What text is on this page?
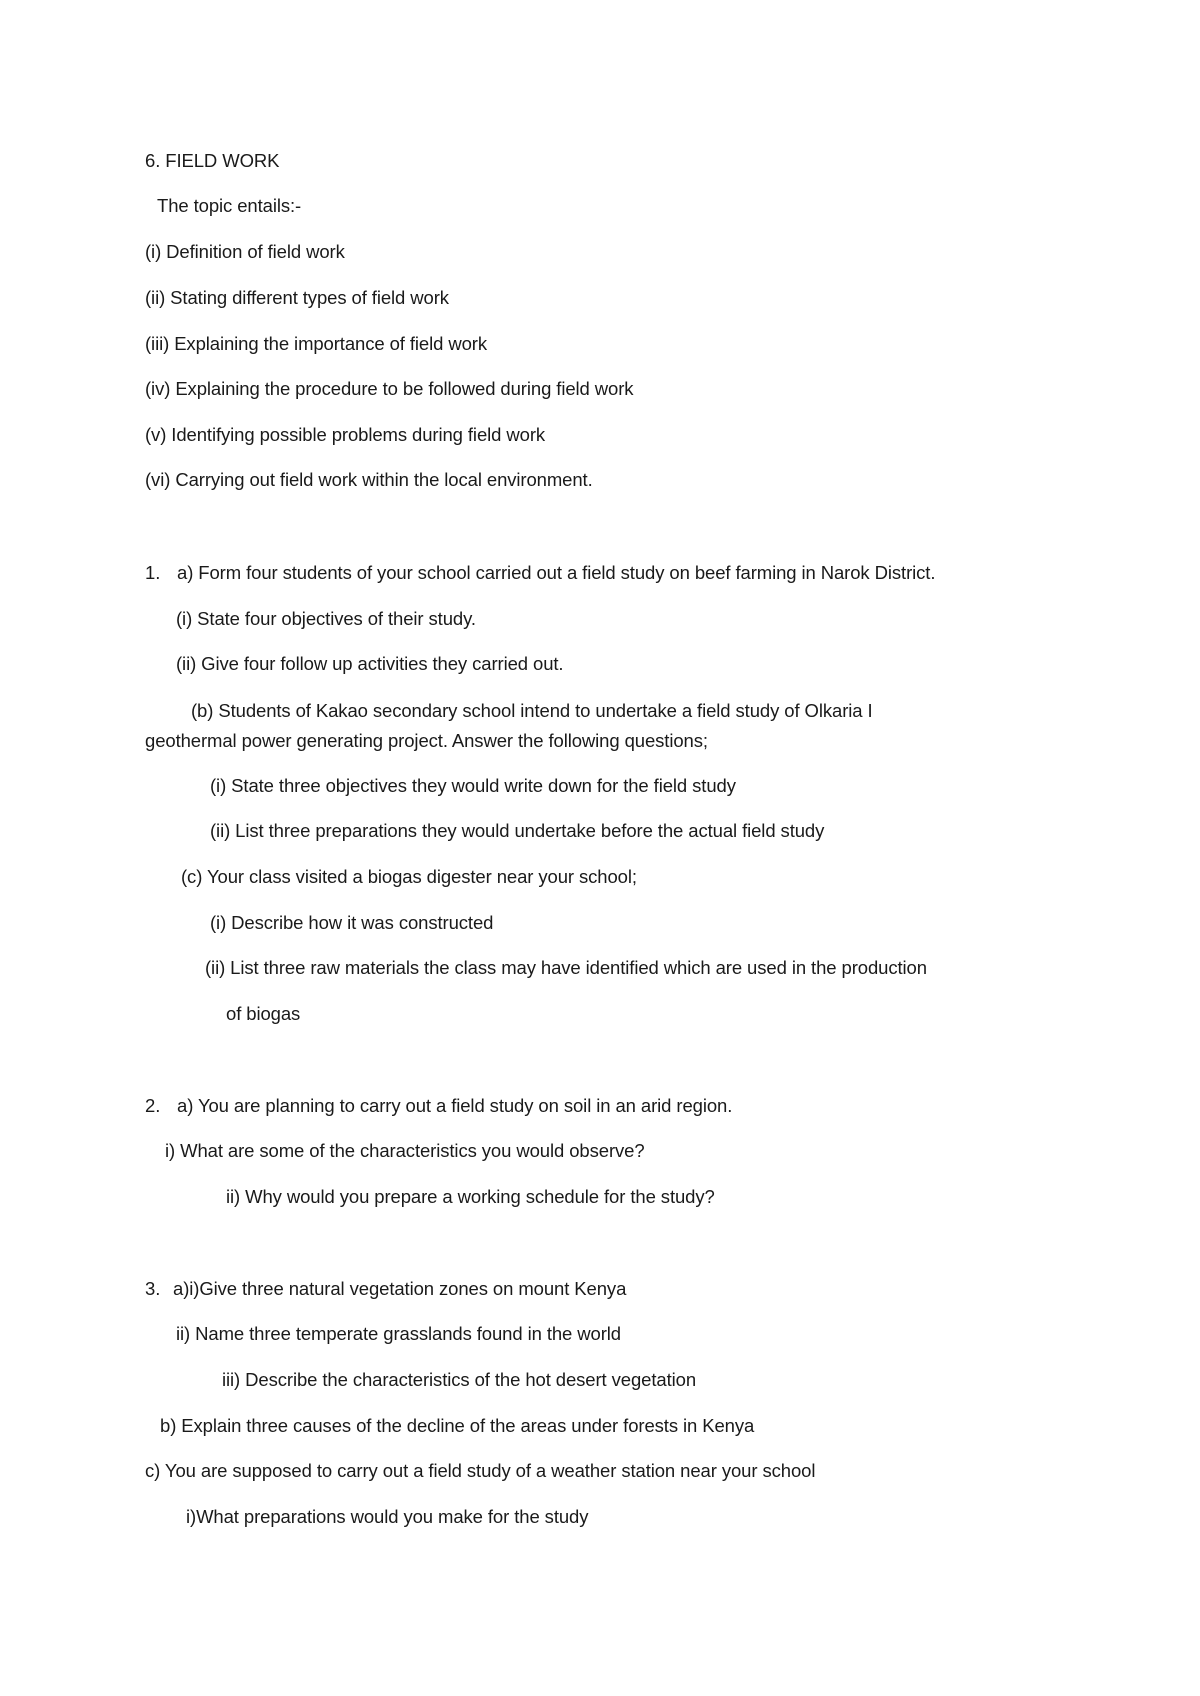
6. FIELD WORK
The topic entails:-
(i) Definition of field work
(ii) Stating different types of field work
(iii) Explaining the importance of field work
(iv) Explaining the procedure to be followed during field work
(v) Identifying possible problems during field work
(vi) Carrying out field work within the local environment.
1. a) Form four students of your school carried out a field study on beef farming in Narok District.
(i) State four objectives of their study.
(ii) Give four follow up activities they carried out.
(b) Students of Kakao secondary school intend to undertake a field study of Olkaria I
geothermal power generating project. Answer the following questions;
(i) State three objectives they would write down for the field study
(ii) List three preparations they would undertake before the actual field study
(c) Your class visited a biogas digester near your school;
(i) Describe how it was constructed
(ii) List three raw materials the class may have identified which are used in the production
of biogas
2. a) You are planning to carry out a field study on soil in an arid region.
i) What are some of the characteristics you would observe?
ii) Why would you prepare a working schedule for the study?
3. a)i)Give three natural vegetation zones on mount Kenya
ii) Name three temperate grasslands found in the world
iii) Describe the characteristics of the hot desert vegetation
b) Explain three causes of the decline of the areas under forests in Kenya
c) You are supposed to carry out a field study of a weather station near your school
i)What preparations would you make for the study
